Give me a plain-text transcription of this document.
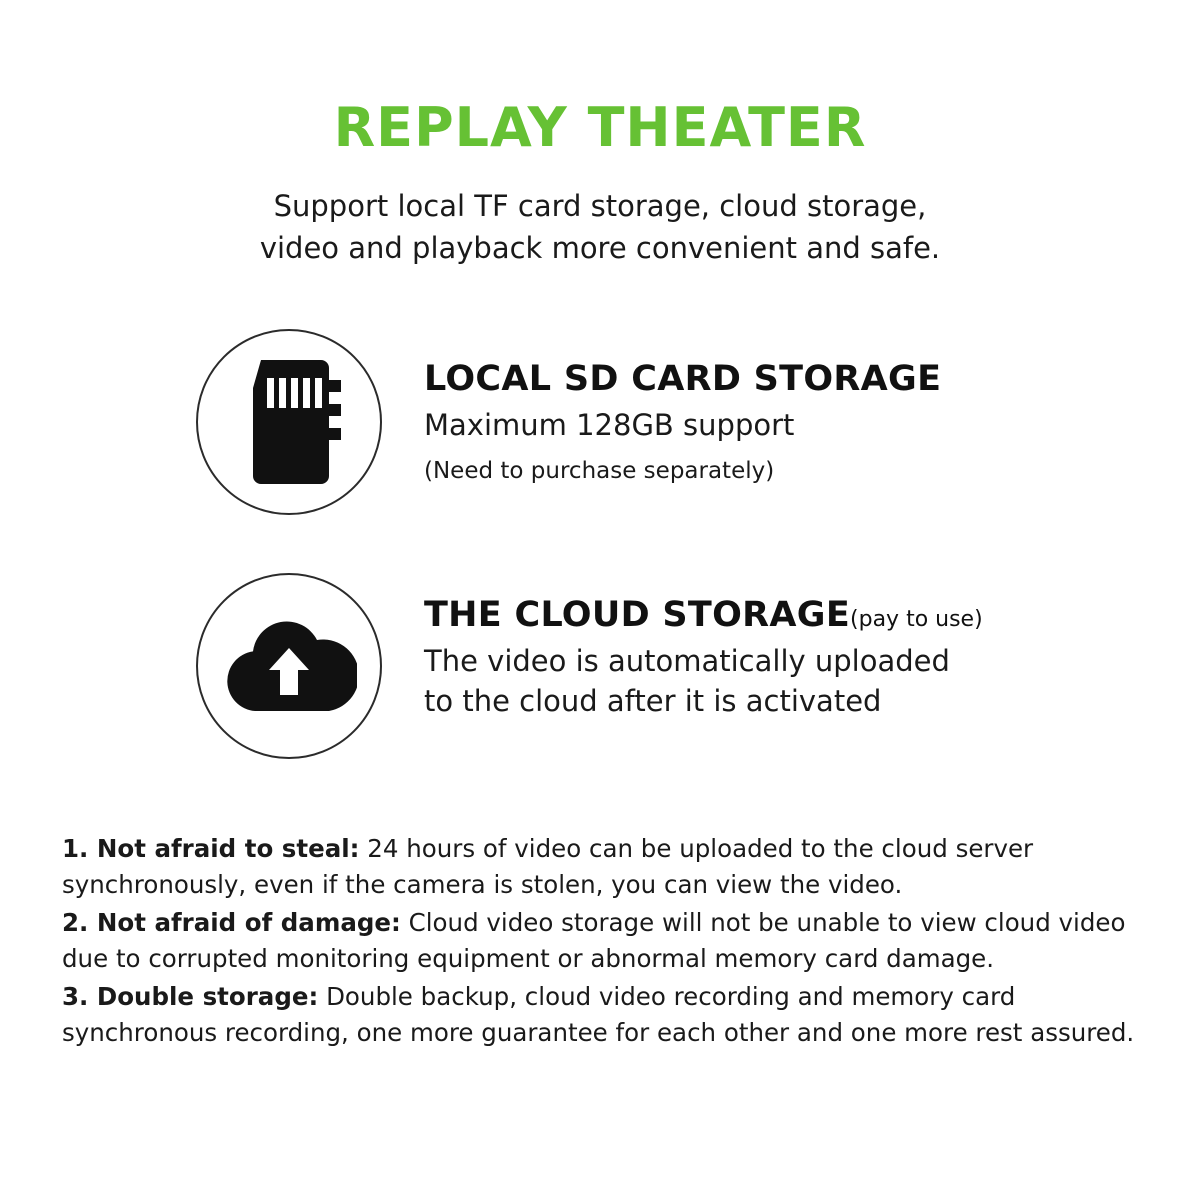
REPLAY THEATER

Support local TF card storage, cloud storage,
video and playback more convenient and safe.

LOCAL SD CARD STORAGE

Maximum 128GB support

(Need to purchase separately)

THE CLOUD STORAGE(pay to use)

The video is automatically uploaded

to the cloud after it is activated

1. Not afraid to steal: 24 hours of video can be uploaded to the cloud server synchronously, even if the camera is stolen, you can view the video.

2. Not afraid of damage: Cloud video storage will not be unable to view cloud video due to corrupted monitoring equipment or abnormal memory card damage.

3. Double storage: Double backup, cloud video recording and memory card synchronous recording, one more guarantee for each other and one more rest assured.
